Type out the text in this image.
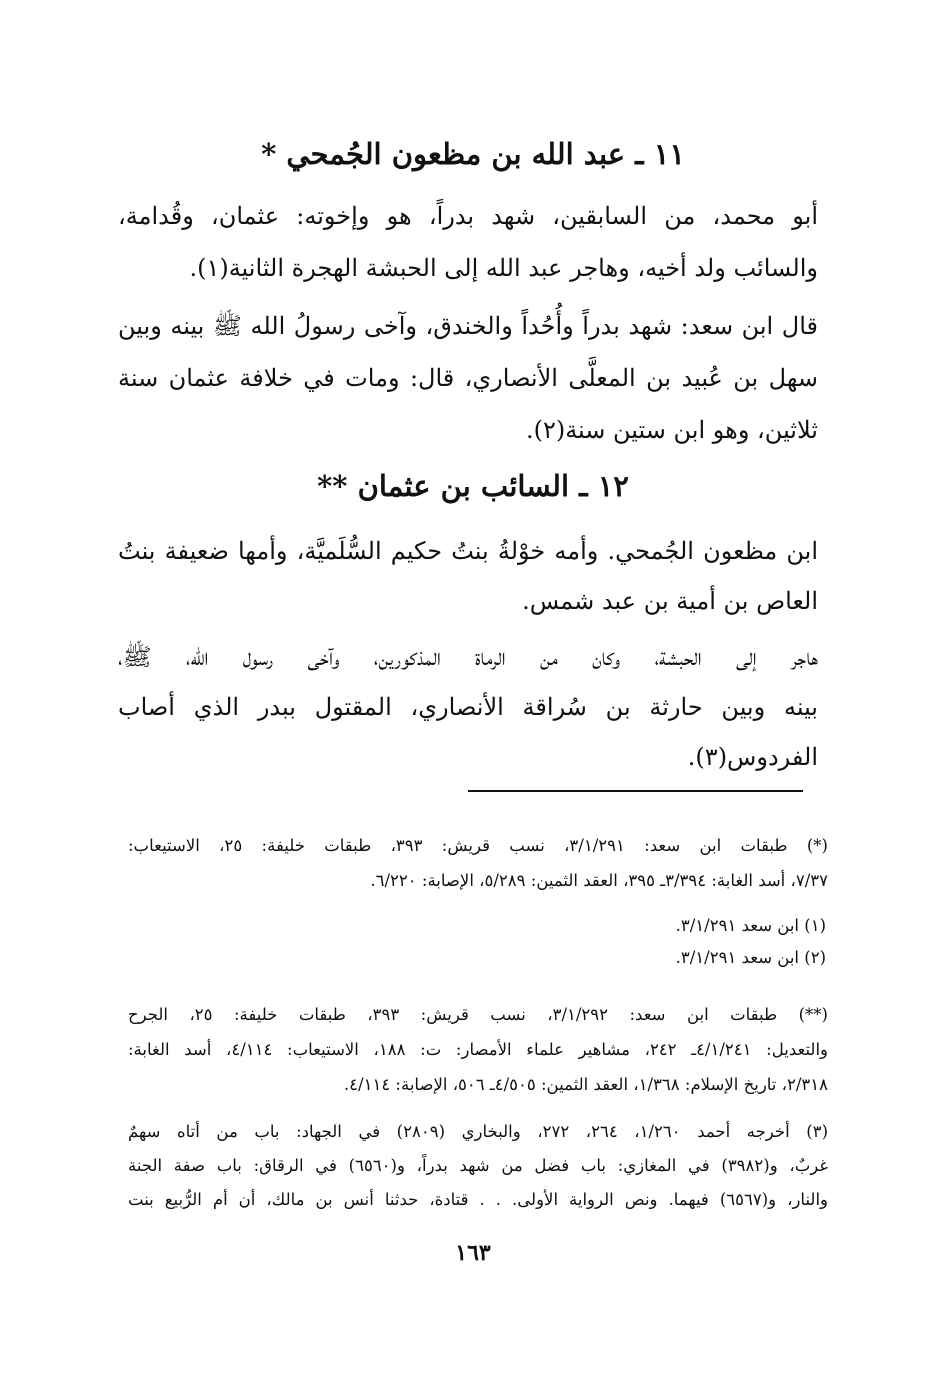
١١ ـ عبد الله بن مظعون الجُمحي *
أبو محمد، من السابقين، شهد بدراً، هو وإخوته: عثمان، وقُدامة،
والسائب ولد أخيه، وهاجر عبد الله إلى الحبشة الهجرة الثانية(١).
قال ابن سعد: شهد بدراً وأُحُداً والخندق، وآخى رسولُ الله ﷺ بينه وبين
سهل بن عُبيد بن المعلَّى الأنصاري، قال: ومات في خلافة عثمان سنة
ثلاثين، وهو ابن ستين سنة(٢).
١٢ ـ السائب بن عثمان **
ابن مظعون الجُمحي. وأمه خوْلةُ بنتُ حكيم السُّلَميَّة، وأمها ضعيفة بنتُ
العاص بن أمية بن عبد شمس.
هاجر إلى الحبشة، وكان من الرماة المذكورين، وآخى رسول الله، ﷺ،
بينه وبين حارثة بن سُراقة الأنصاري، المقتول ببدر الذي أصاب
الفردوس(٣).
(*) طبقات ابن سعد: ٣/١/٢٩١، نسب قريش: ٣٩٣، طبقات خليفة: ٢٥، الاستيعاب:
٧/٣٧، أسد الغابة: ٣/٣٩٤ـ ٣٩٥، العقد الثمين: ٥/٢٨٩، الإصابة: ٦/٢٢٠.
(١) ابن سعد ٣/١/٢٩١.
(٢) ابن سعد ٣/١/٢٩١.
(**) طبقات ابن سعد: ٣/١/٢٩٢، نسب قريش: ٣٩٣، طبقات خليفة: ٢٥، الجرح
والتعديل: ٤/١/٢٤١ـ ٢٤٢، مشاهير علماء الأمصار: ت: ١٨٨، الاستيعاب: ٤/١١٤، أسد الغابة:
٢/٣١٨، تاريخ الإسلام: ١/٣٦٨، العقد الثمين: ٤/٥٠٥ـ ٥٠٦، الإصابة: ٤/١١٤.
(٣) أخرجه أحمد ١/٢٦٠، ٢٦٤، ٢٧٢، والبخاري (٢٨٠٩) في الجهاد: باب من أتاه سهمٌ
غربٌ، و(٣٩٨٢) في المغازي: باب فضل من شهد بدراً، و(٦٥٦٠) في الرقاق: باب صفة الجنة
والنار، و(٦٥٦٧) فيهما. ونص الرواية الأولى. . . قتادة، حدثنا أنس بن مالك، أن أم الرُّبيع بنت
١٦٣
